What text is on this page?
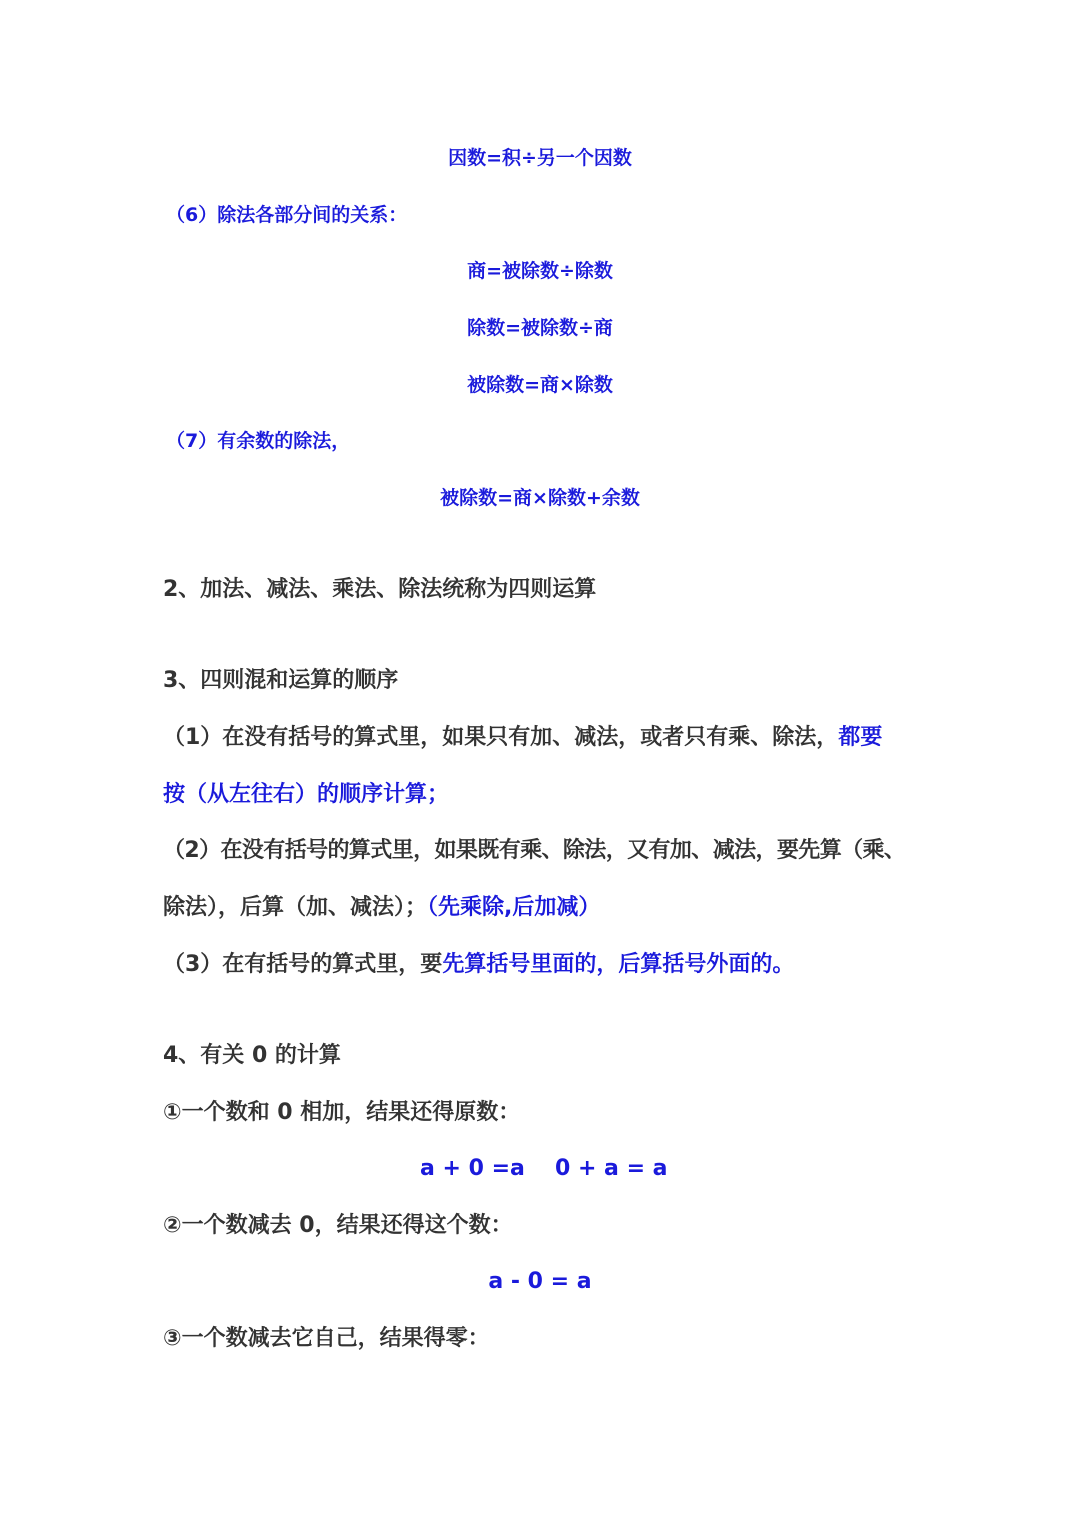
因数=积÷另一个因数
（6）除法各部分间的关系：
商=被除数÷除数
除数=被除数÷商
被除数=商×除数
（7）有余数的除法，
被除数=商×除数+余数
2、加法、减法、乘法、除法统称为四则运算
3、四则混和运算的顺序
（1）在没有括号的算式里，如果只有加、减法，或者只有乘、除法，都要
按（从左往右）的顺序计算；
（2）在没有括号的算式里，如果既有乘、除法，又有加、减法，要先算（乘、
除法），后算（加、减法）；（先乘除,后加减）
（3）在有括号的算式里，要先算括号里面的，后算括号外面的。
4、有关 0 的计算
①一个数和 0 相加，结果还得原数：
a + 0 =a 0 + a = a
②一个数减去 0，结果还得这个数：
a - 0 = a
③一个数减去它自己，结果得零：
